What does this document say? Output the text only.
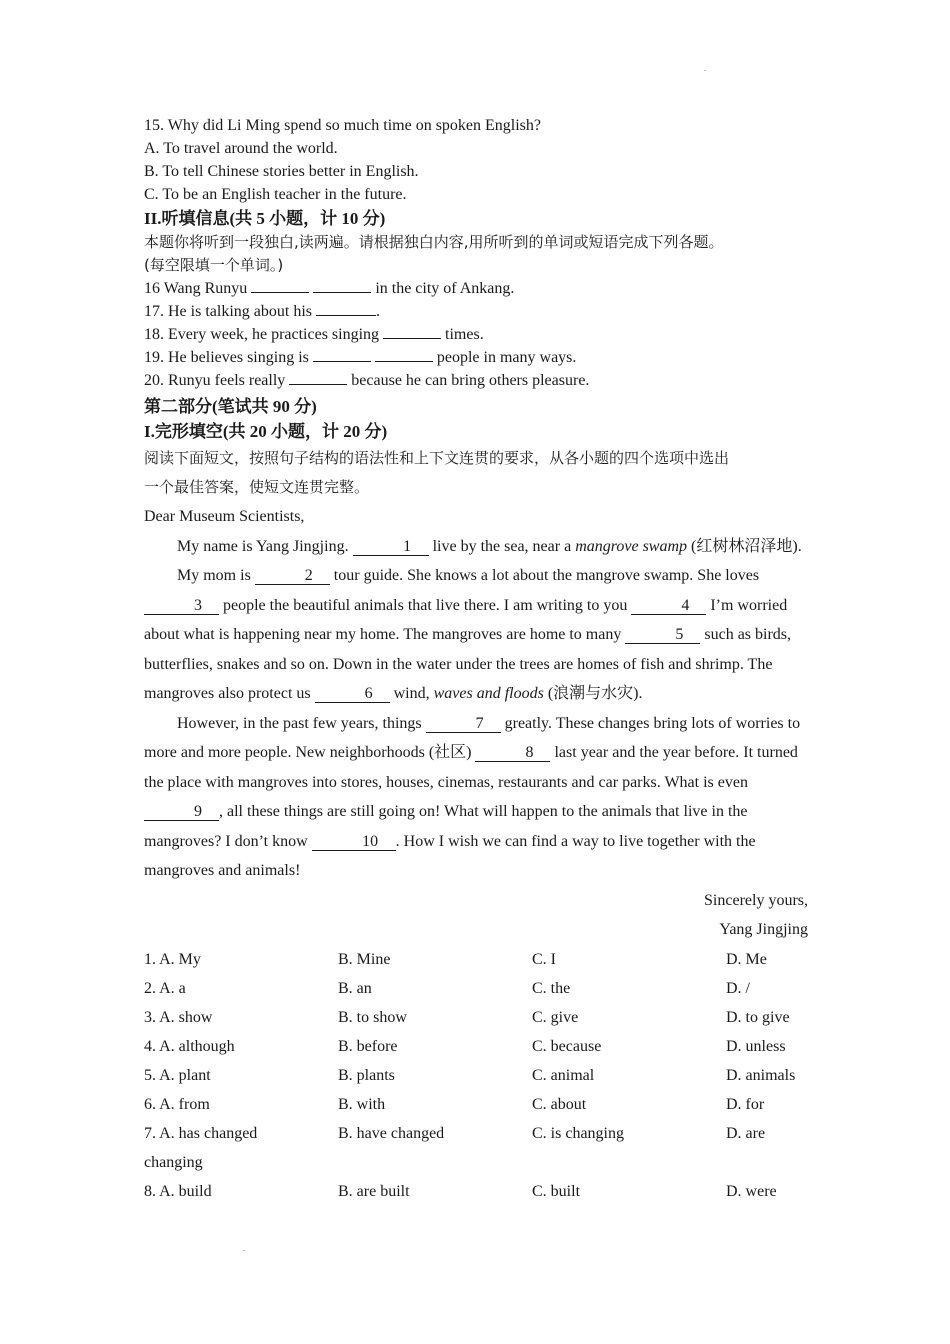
15. Why did Li Ming spend so much time on spoken English?
A. To travel around the world.
B. To tell Chinese stories better in English.
C. To be an English teacher in the future.
II.听填信息(共 5 小题，计 10 分)
本题你将听到一段独白,读两遍。请根据独白内容,用所听到的单词或短语完成下列各题。
(每空限填一个单词。)
16 Wang Runyu	in the city of Ankang.
17. He is talking about his	.
18. Every week, he practices singing	times.
19. He believes singing is	people in many ways.
20. Runyu feels really	because he can bring others pleasure.
第二部分(笔试共 90 分)
I.完形填空(共 20 小题，计 20 分)
阅读下面短文，按照句子结构的语法性和上下文连贯的要求，从各小题的四个选项中选出
一个最佳答案，使短文连贯完整。
Dear Museum Scientists,
My name is Yang Jingjing.	1 live by the sea, near a mangrove swamp (红树林沼泽地).
My mom is	2 tour guide. She knows a lot about the mangrove swamp. She loves 3 people the beautiful animals that live there. I am writing to you	4 I’m worried about what is happening near my home. The mangroves are home to many	5 such as birds, butterflies, snakes and so on. Down in the water under the trees are homes of fish and shrimp. The mangroves also protect us	6 wind, waves and floods (浪潮与水灾).
However, in the past few years, things	7 greatly. These changes bring lots of worries to more and more people. New neighborhoods (社区)	8 last year and the year before. It turned the place with mangroves into stores, houses, cinemas, restaurants and car parks. What is even 9 , all these things are still going on! What will happen to the animals that live in the mangroves? I don’t know	10 . How I wish we can find a way to live together with the mangroves and animals!
Sincerely yours,
Yang Jingjing
1. A. My	B. Mine	C. I	D. Me
2. A. a	B. an	C. the	D. /
3. A. show	B. to show	C. give	D. to give
4. A. although	B. before	C. because	D. unless
5. A. plant	B. plants	C. animal	D. animals
6. A. from	B. with	C. about	D. for
7. A. has changed	B. have changed	C. is changing	D. are
changing
8. A. build	B. are built	C. built	D. were
